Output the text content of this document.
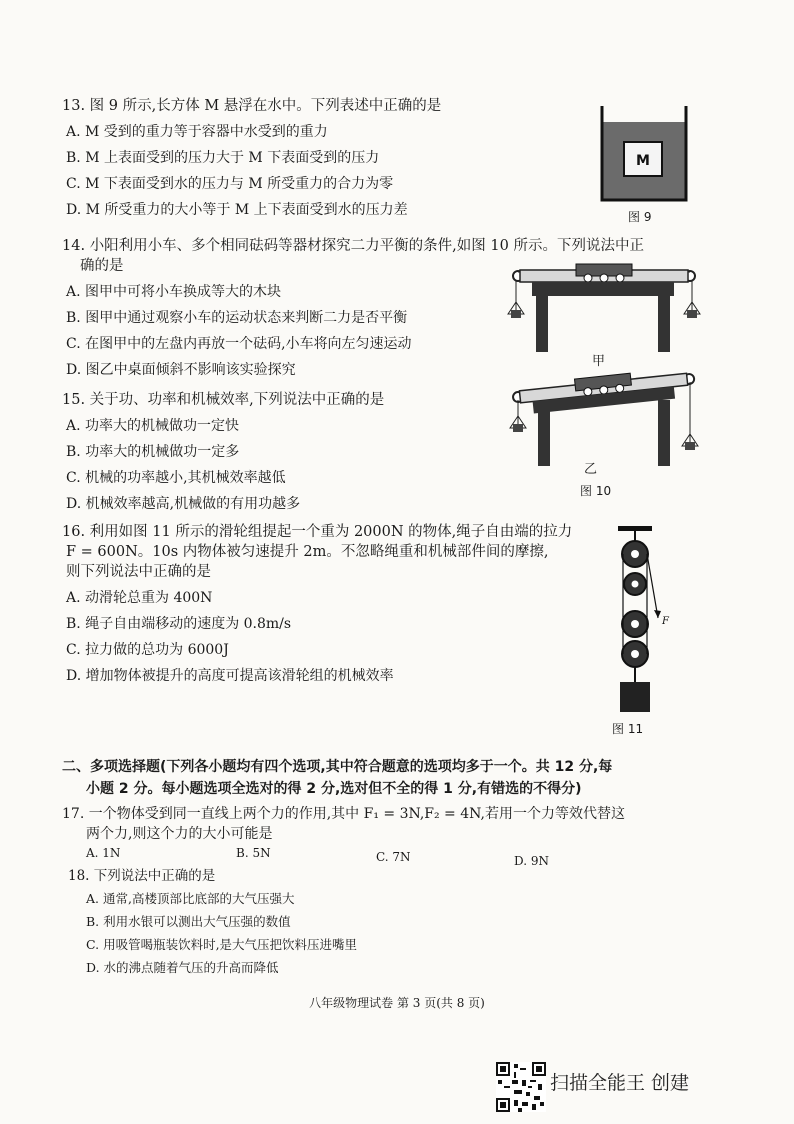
13. 图 9 所示,长方体 M 悬浮在水中。下列表述中正确的是
A. M 受到的重力等于容器中水受到的重力
B. M 上表面受到的压力大于 M 下表面受到的压力
C. M 下表面受到水的压力与 M 所受重力的合力为零
D. M 所受重力的大小等于 M 上下表面受到水的压力差
M
图 9
14. 小阳利用小车、多个相同砝码等器材探究二力平衡的条件,如图 10 所示。下列说法中正
确的是
A. 图甲中可将小车换成等大的木块
B. 图甲中通过观察小车的运动状态来判断二力是否平衡
C. 在图甲中的左盘内再放一个砝码,小车将向左匀速运动
D. 图乙中桌面倾斜不影响该实验探究
甲
乙
图 10
15. 关于功、功率和机械效率,下列说法中正确的是
A. 功率大的机械做功一定快
B. 功率大的机械做功一定多
C. 机械的功率越小,其机械效率越低
D. 机械效率越高,机械做的有用功越多
16. 利用如图 11 所示的滑轮组提起一个重为 2000N 的物体,绳子自由端的拉力
F = 600N。10s 内物体被匀速提升 2m。不忽略绳重和机械部件间的摩擦,
则下列说法中正确的是
A. 动滑轮总重为 400N
B. 绳子自由端移动的速度为 0.8m/s
C. 拉力做的总功为 6000J
D. 增加物体被提升的高度可提高该滑轮组的机械效率
F
图 11
二、多项选择题(下列各小题均有四个选项,其中符合题意的选项均多于一个。共 12 分,每
小题 2 分。每小题选项全选对的得 2 分,选对但不全的得 1 分,有错选的不得分)
17. 一个物体受到同一直线上两个力的作用,其中 F₁ = 3N,F₂ = 4N,若用一个力等效代替这
两个力,则这个力的大小可能是
A. 1N	B. 5N	C. 7N	D. 9N
18. 下列说法中正确的是
A. 通常,高楼顶部比底部的大气压强大
B. 利用水银可以测出大气压强的数值
C. 用吸管喝瓶装饮料时,是大气压把饮料压进嘴里
D. 水的沸点随着气压的升高而降低
八年级物理试卷 第 3 页(共 8 页)
扫描全能王 创建
